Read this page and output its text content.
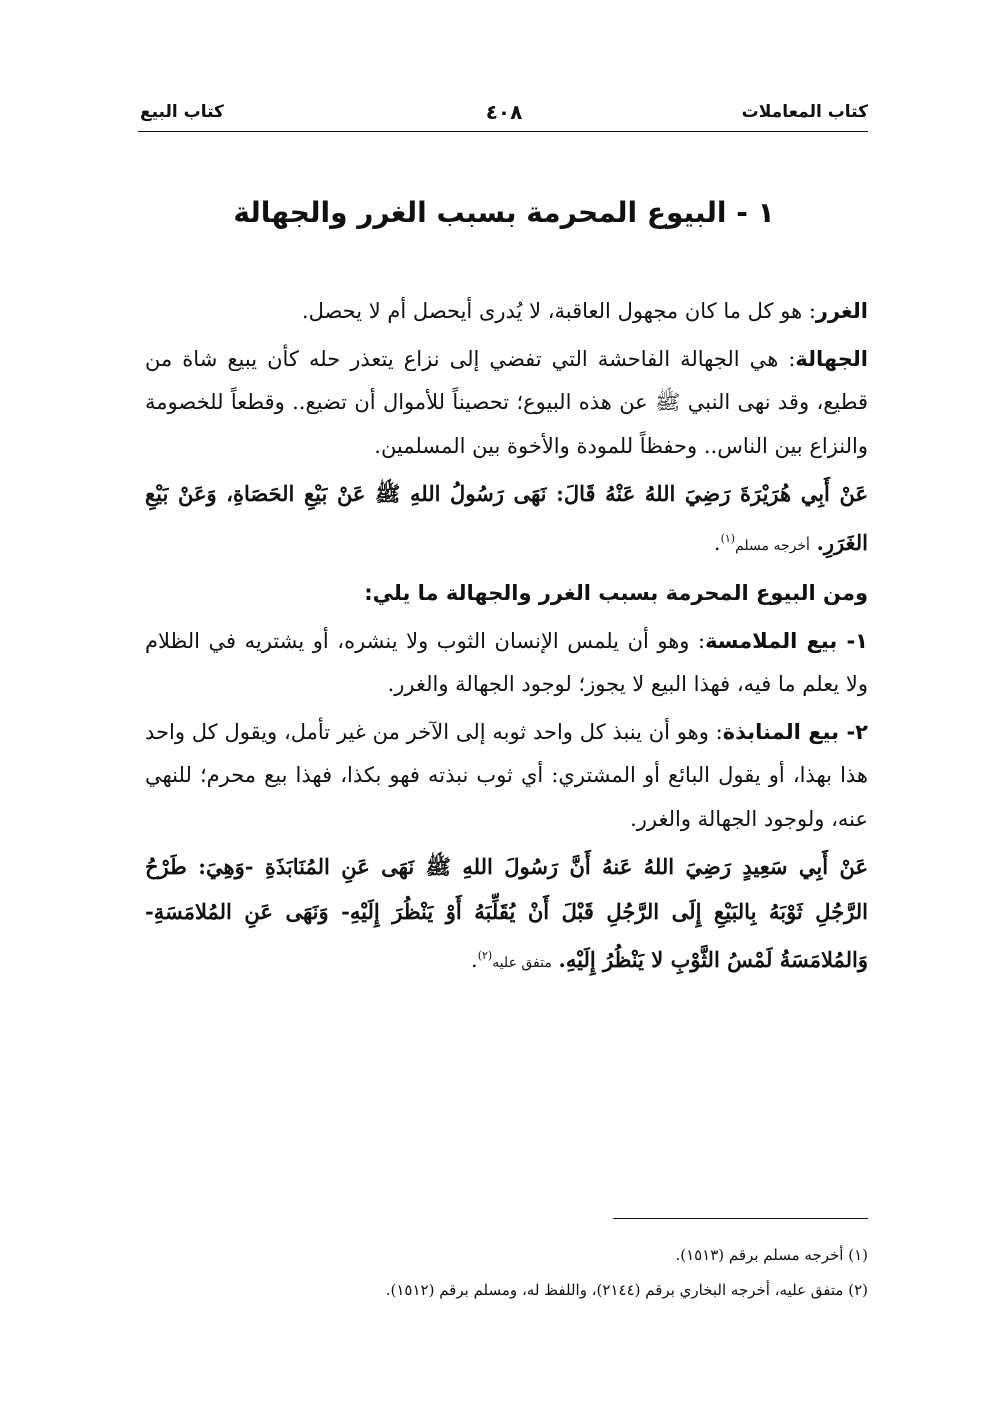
كتاب المعاملات
٤٠٨
كتاب البيع
١ - البيوع المحرمة بسبب الغرر والجهالة

الغرر: هو كل ما كان مجهول العاقبة، لا يُدرى أيحصل أم لا يحصل.

الجهالة: هي الجهالة الفاحشة التي تفضي إلى نزاع يتعذر حله كأن يبيع شاة من قطيع، وقد نهى النبي ﷺ عن هذه البيوع؛ تحصيناً للأموال أن تضيع.. وقطعاً للخصومة والنزاع بين الناس.. وحفظاً للمودة والأخوة بين المسلمين.

عَنْ أَبِي هُرَيْرَةَ رَضِيَ اللهُ عَنْهُ قَالَ: نَهَى رَسُولُ اللهِ ﷺ عَنْ بَيْعِ الحَصَاةِ، وَعَنْ بَيْعِ الغَرَرِ. أخرجه مسلم$^{(١)}$.

ومن البيوع المحرمة بسبب الغرر والجهالة ما يلي:

١- بيع الملامسة: وهو أن يلمس الإنسان الثوب ولا ينشره، أو يشتريه في الظلام ولا يعلم ما فيه، فهذا البيع لا يجوز؛ لوجود الجهالة والغرر.

٢- بيع المنابذة: وهو أن ينبذ كل واحد ثوبه إلى الآخر من غير تأمل، ويقول كل واحد هذا بهذا، أو يقول البائع أو المشتري: أي ثوب نبذته فهو بكذا، فهذا بيع محرم؛ للنهي عنه، ولوجود الجهالة والغرر.

عَنْ أَبِي سَعِيدٍ رَضِيَ اللهُ عَنهُ أَنَّ رَسُولَ اللهِ ﷺ نَهَى عَنِ المُنَابَذَةِ -وَهِيَ: طَرْحُ الرَّجُلِ ثَوْبَهُ بِالبَيْعِ إِلَى الرَّجُلِ قَبْلَ أَنْ يُقَلِّبَهُ أَوْ يَنْظُرَ إِلَيْهِ- وَنَهَى عَنِ المُلامَسَةِ- وَالمُلامَسَةُ لَمْسُ الثَّوْبِ لا يَنْظُرُ إِلَيْهِ. متفق عليه$^{(٢)}$.

(١) أخرجه مسلم برقم (١٥١٣).
(٢) متفق عليه، أخرجه البخاري برقم (٢١٤٤)، واللفظ له، ومسلم برقم (١٥١٢).
